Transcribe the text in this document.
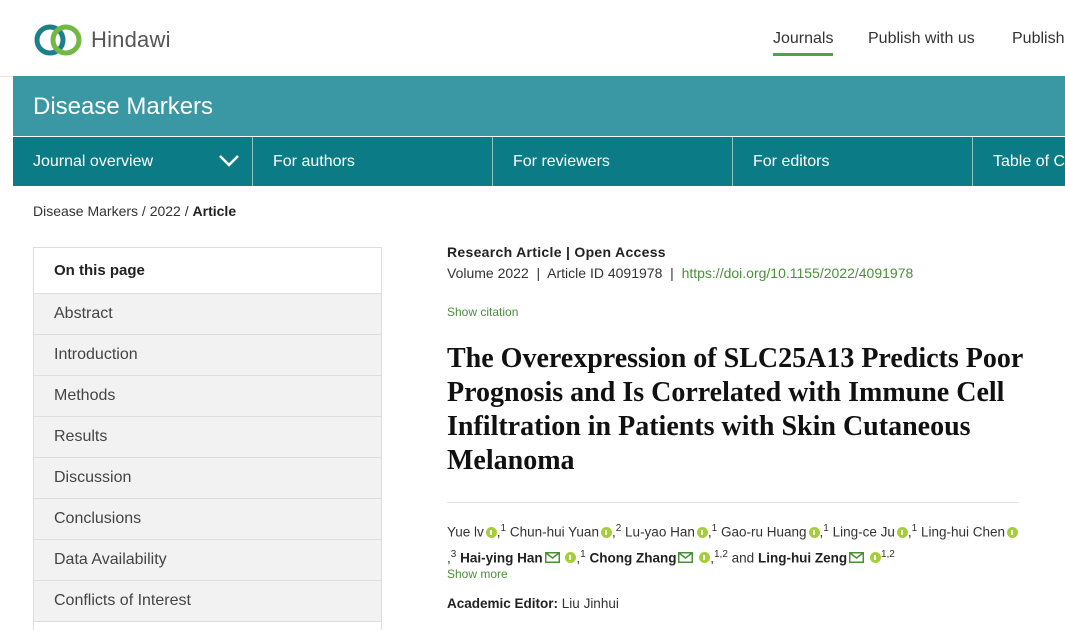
Hindawi	Journals Publish with us Publish
Disease Markers
Journal overview	For authors	For reviewers	For editors	Table of C
Disease Markers / 2022 / Article
On this page
Abstract
Introduction
Methods
Results
Discussion
Conclusions
Data Availability
Conflicts of Interest
Research Article | Open Access
Volume 2022  |  Article ID 4091978  |  https://doi.org/10.1155/2022/4091978
Show citation
The Overexpression of SLC25A13 Predicts Poor Prognosis and Is Correlated with Immune Cell Infiltration in Patients with Skin Cutaneous Melanoma
Yue lv ,$^1$ Chun-hui Yuan ,$^2$ Lu-yao Han ,$^1$ Gao-ru Huang ,$^1$ Ling-ce Ju ,$^1$ Ling-hui Chen,$^3$ Hai-ying Han	,$^1$ Chong Zhang	,$^{1,2}$ and Ling-hui Zeng	$^{1,2}$
Show more
Academic Editor: Liu Jinhui
